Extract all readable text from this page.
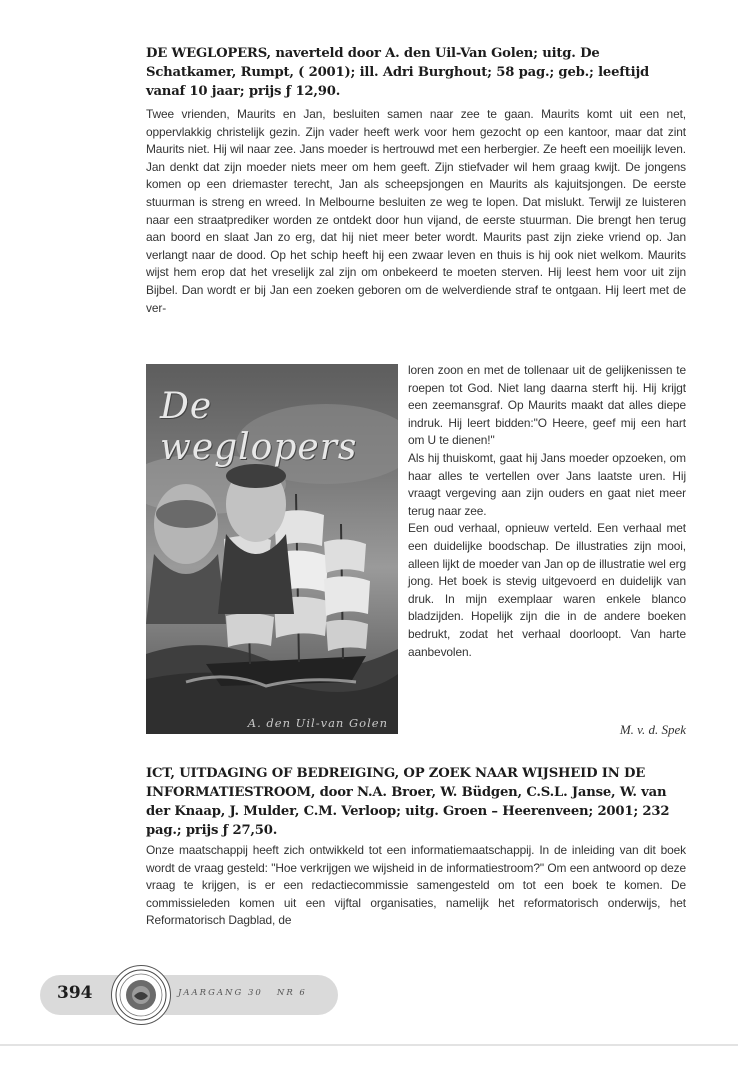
DE WEGLOPERS, naverteld door A. den Uil-Van Golen; uitg. De Schatkamer, Rumpt, ( 2001); ill. Adri Burghout; 58 pag.; geb.; leeftijd vanaf 10 jaar; prijs ƒ 12,90.

Twee vrienden, Maurits en Jan, besluiten samen naar zee te gaan. Maurits komt uit een net, oppervlakkig christelijk gezin. Zijn vader heeft werk voor hem gezocht op een kantoor, maar dat zint Maurits niet. Hij wil naar zee. Jans moeder is hertrouwd met een herbergier. Ze heeft een moeilijk leven. Jan denkt dat zijn moeder niets meer om hem geeft. Zijn stiefvader wil hem graag kwijt. De jongens komen op een driemaster terecht, Jan als scheepsjongen en Maurits als kajuitsjongen. De eerste stuurman is streng en wreed. In Melbourne besluiten ze weg te lopen. Dat mislukt. Terwijl ze luisteren naar een straatprediker worden ze ontdekt door hun vijand, de eerste stuurman. Die brengt hen terug aan boord en slaat Jan zo erg, dat hij niet meer beter wordt. Maurits past zijn zieke vriend op. Jan verlangt naar de dood. Op het schip heeft hij een zwaar leven en thuis is hij ook niet welkom. Maurits wijst hem erop dat het vreselijk zal zijn om onbekeerd te moeten sterven. Hij leest hem voor uit zijn Bijbel. Dan wordt er bij Jan een zoeken geboren om de welverdiende straf te ontgaan. Hij leert met de ver-

De weglopers
A. den Uil-van Golen

loren zoon en met de tollenaar uit de gelijkenissen te roepen tot God. Niet lang daarna sterft hij. Hij krijgt een zeemansgraf. Op Maurits maakt dat alles diepe indruk. Hij leert bidden:"O Heere, geef mij een hart om U te dienen!"

Als hij thuiskomt, gaat hij Jans moeder opzoeken, om haar alles te vertellen over Jans laatste uren. Hij vraagt vergeving aan zijn ouders en gaat niet meer terug naar zee.

Een oud verhaal, opnieuw verteld. Een verhaal met een duidelijke boodschap. De illustraties zijn mooi, alleen lijkt de moeder van Jan op de illustratie wel erg jong. Het boek is stevig uitgevoerd en duidelijk van druk. In mijn exemplaar waren enkele blanco bladzijden. Hopelijk zijn die in de andere boeken bedrukt, zodat het verhaal doorloopt. Van harte aanbevolen.

M. v. d. Spek
ICT, UITDAGING OF BEDREIGING, OP ZOEK NAAR WIJSHEID IN DE INFORMATIESTROOM, door N.A. Broer, W. Büdgen, C.S.L. Janse, W. van der Knaap, J. Mulder, C.M. Verloop; uitg. Groen – Heerenveen; 2001; 232 pag.; prijs ƒ 27,50.

Onze maatschappij heeft zich ontwikkeld tot een informatiemaatschappij. In de inleiding van dit boek wordt de vraag gesteld: "Hoe verkrijgen we wijsheid in de informatiestroom?" Om een antwoord op deze vraag te krijgen, is er een redactiecommissie samengesteld om tot een boek te komen. De commissieleden komen uit een vijftal organisaties, namelijk het reformatorisch onderwijs, het Reformatorisch Dagblad, de

394	JAARGANG 30 NR 6
